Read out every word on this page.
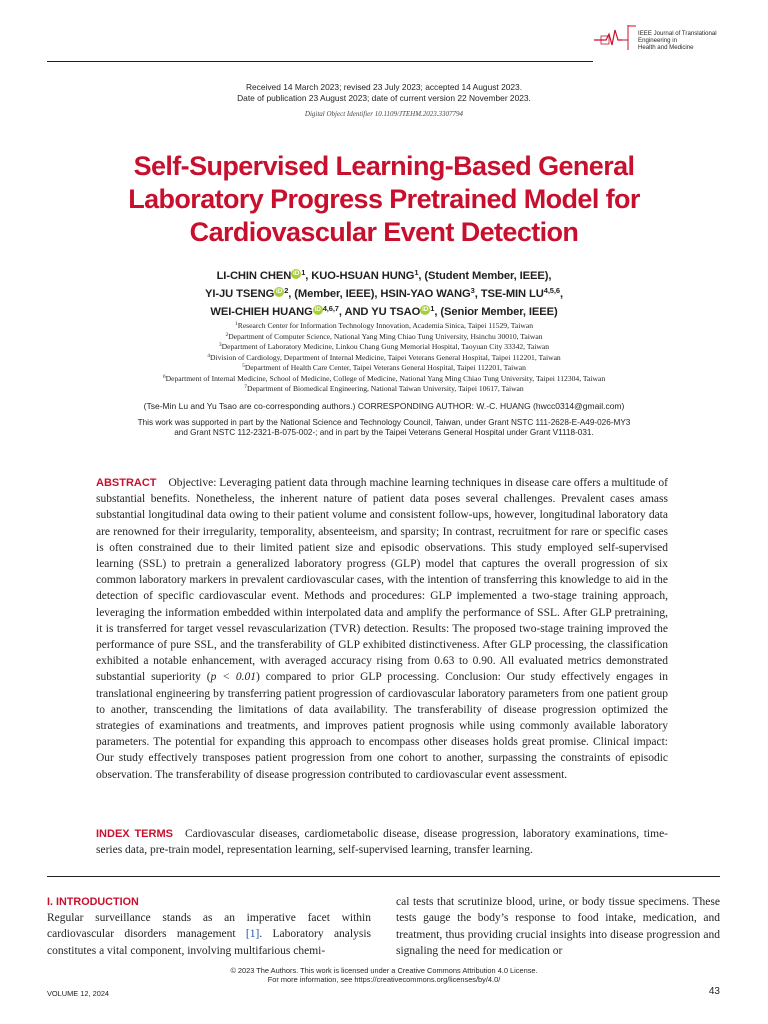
IEEE Journal of Translational
Engineering in
Health and Medicine
Received 14 March 2023; revised 23 July 2023; accepted 14 August 2023.
Date of publication 23 August 2023; date of current version 22 November 2023.
Digital Object Identifier 10.1109/JTEHM.2023.3307794
Self-Supervised Learning-Based General
Laboratory Progress Pretrained Model for
Cardiovascular Event Detection
LI-CHIN CHEN iD $^1$, KUO-HSUAN HUNG$^1$, (Student Member, IEEE),
YI-JU TSENG iD $^2$, (Member, IEEE), HSIN-YAO WANG$^3$, TSE-MIN LU$^{4,5,6}$,
WEI-CHIEH HUANG iD $^{4,6,7}$, AND YU TSAO iD $^1$, (Senior Member, IEEE)
$^1$Research Center for Information Technology Innovation, Academia Sinica, Taipei 11529, Taiwan
$^2$Department of Computer Science, National Yang Ming Chiao Tung University, Hsinchu 30010, Taiwan
$^3$Department of Laboratory Medicine, Linkou Chang Gung Memorial Hospital, Taoyuan City 33342, Taiwan
$^4$Division of Cardiology, Department of Internal Medicine, Taipei Veterans General Hospital, Taipei 112201, Taiwan
$^5$Department of Health Care Center, Taipei Veterans General Hospital, Taipei 112201, Taiwan
$^6$Department of Internal Medicine, School of Medicine, College of Medicine, National Yang Ming Chiao Tung University, Taipei 112304, Taiwan
$^7$Department of Biomedical Engineering, National Taiwan University, Taipei 10617, Taiwan
(Tse-Min Lu and Yu Tsao are co-corresponding authors.) CORRESPONDING AUTHOR: W.-C. HUANG (hwcc0314@gmail.com)
This work was supported in part by the National Science and Technology Council, Taiwan, under Grant NSTC 111-2628-E-A49-026-MY3
and Grant NSTC 112-2321-B-075-002-; and in part by the Taipei Veterans General Hospital under Grant V1118-031.
ABSTRACT Objective: Leveraging patient data through machine learning techniques in disease care offers a multitude of substantial benefits. Nonetheless, the inherent nature of patient data poses several challenges. Prevalent cases amass substantial longitudinal data owing to their patient volume and consistent follow-ups, however, longitudinal laboratory data are renowned for their irregularity, temporality, absenteeism, and sparsity; In contrast, recruitment for rare or specific cases is often constrained due to their limited patient size and episodic observations. This study employed self-supervised learning (SSL) to pretrain a generalized laboratory progress (GLP) model that captures the overall progression of six common laboratory markers in prevalent cardiovascular cases, with the intention of transferring this knowledge to aid in the detection of specific cardiovascular event. Methods and procedures: GLP implemented a two-stage training approach, leveraging the information embedded within interpolated data and amplify the performance of SSL. After GLP pretraining, it is transferred for target vessel revascularization (TVR) detection. Results: The proposed two-stage training improved the performance of pure SSL, and the transferability of GLP exhibited distinctiveness. After GLP processing, the classification exhibited a notable enhancement, with averaged accuracy rising from 0.63 to 0.90. All evaluated metrics demonstrated substantial superiority (p < 0.01) compared to prior GLP processing. Conclusion: Our study effectively engages in translational engineering by transferring patient progression of cardiovascular laboratory parameters from one patient group to another, transcending the limitations of data availability. The transferability of disease progression optimized the strategies of examinations and treatments, and improves patient prognosis while using commonly available laboratory parameters. The potential for expanding this approach to encompass other diseases holds great promise. Clinical impact: Our study effectively transposes patient progression from one cohort to another, surpassing the constraints of episodic observation. The transferability of disease progression contributed to cardiovascular event assessment.
INDEX TERMS Cardiovascular diseases, cardiometabolic disease, disease progression, laboratory examinations, time-series data, pre-train model, representation learning, self-supervised learning, transfer learning.
I. INTRODUCTION
Regular surveillance stands as an imperative facet within cardiovascular disorders management [1]. Laboratory analysis constitutes a vital component, involving multifarious chemi-
cal tests that scrutinize blood, urine, or body tissue specimens. These tests gauge the body’s response to food intake, medication, and treatment, thus providing crucial insights into disease progression and signaling the need for medication or
© 2023 The Authors. This work is licensed under a Creative Commons Attribution 4.0 License.
For more information, see https://creativecommons.org/licenses/by/4.0/
VOLUME 12, 2024	43
